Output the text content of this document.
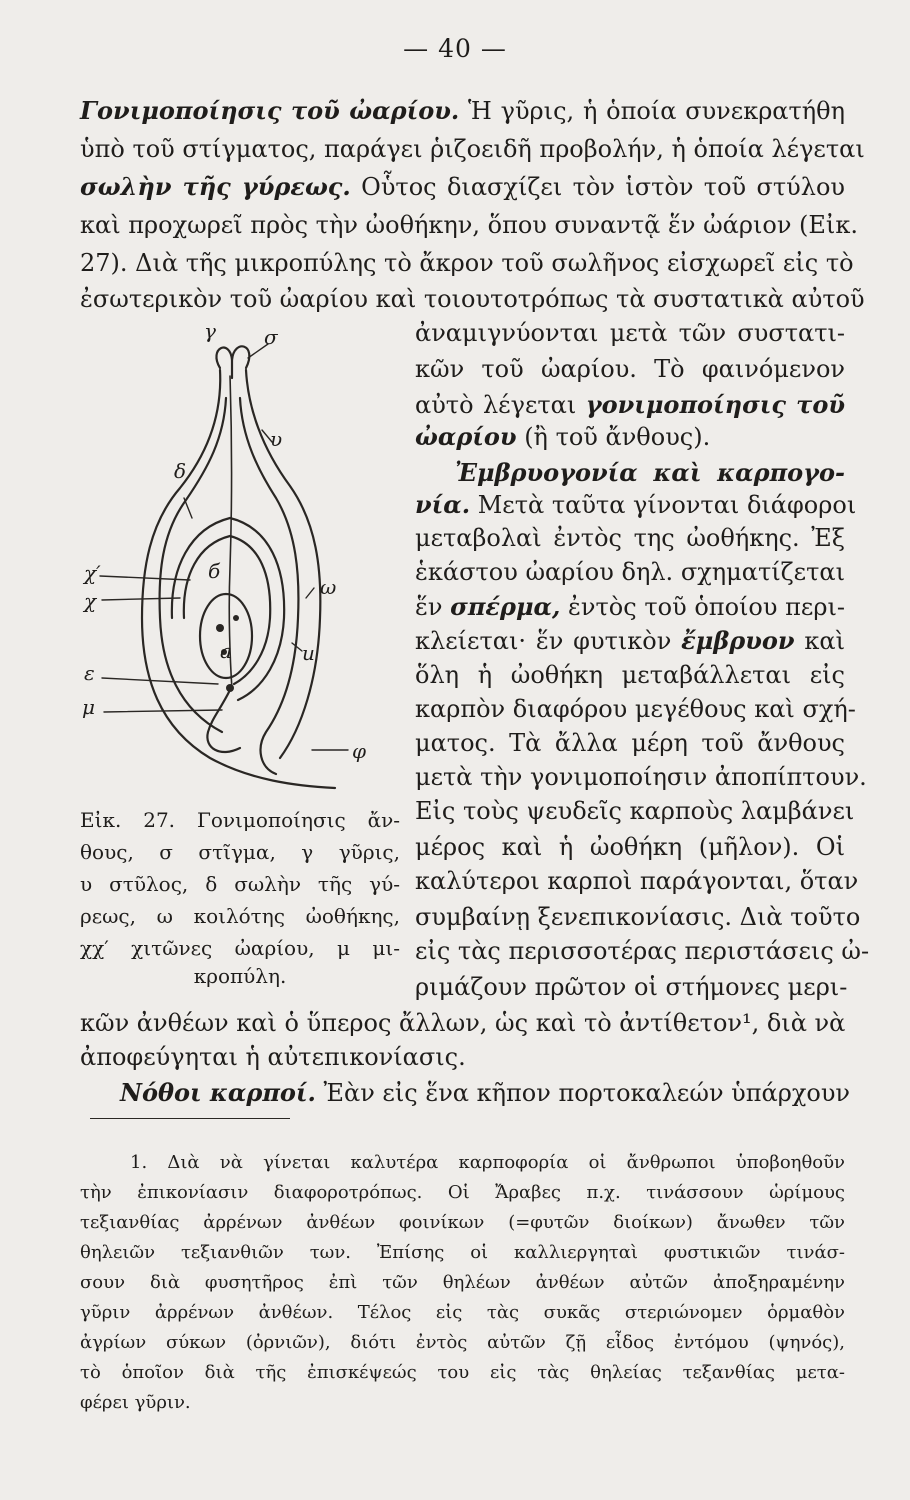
— 40 —
Γονιμοποίησις τοῦ ὠαρίου. Ἡ γῦρις, ἡ ὁποία συνεκρατήθη
ὑπὸ τοῦ στίγματος, παράγει ῥιζοειδῆ προβολήν, ἡ ὁποία λέγεται
σωλὴν τῆς γύρεως. Οὗτος διασχίζει τὸν ἱστὸν τοῦ στύλου
καὶ προχωρεῖ πρὸς τὴν ὠοθήκην, ὅπου συναντᾷ ἕν ὠάριον (Εἰκ.
27). Διὰ τῆς μικροπύλης τὸ ἄκρον τοῦ σωλῆνος εἰσχωρεῖ εἰς τὸ
ἐσωτερικὸν τοῦ ὠαρίου καὶ τοιουτοτρόπως τὰ συστατικὰ αὐτοῦ
γ σ
υ
δ
б
χ′
χ
ω
u
a
ε
μ
φ
ἀναμιγνύονται μετὰ τῶν συστατι-
κῶν τοῦ ὠαρίου. Τὸ φαινόμενον
αὐτὸ λέγεται γονιμοποίησις τοῦ
ὠαρίου (ἢ τοῦ ἄνθους).
Ἐμβρυογονία καὶ καρπογο-
νία. Μετὰ ταῦτα γίνονται διάφοροι
μεταβολαὶ ἐντὸς της ὠοθήκης. Ἐξ
ἑκάστου ὠαρίου δηλ. σχηματίζεται
ἕν σπέρμα, ἐντὸς τοῦ ὁποίου περι-
κλείεται· ἕν φυτικὸν ἔμβρυον καὶ
ὅλη ἡ ὠοθήκη μεταβάλλεται εἰς
καρπὸν διαφόρου μεγέθους καὶ σχή-
ματος. Τὰ ἄλλα μέρη τοῦ ἄνθους
μετὰ τὴν γονιμοποίησιν ἀποπίπτουν.
Εἰς τοὺς ψευδεῖς καρποὺς λαμβάνει
μέρος καὶ ἡ ὠοθήκη (μῆλον). Οἱ
καλύτεροι καρποὶ παράγονται, ὅταν
συμβαίνῃ ξενεπικονίασις. Διὰ τοῦτο
εἰς τὰς περισσοτέρας περιστάσεις ὠ-
ριμάζουν πρῶτον οἱ στήμονες μερι-
Εἰκ. 27. Γονιμοποίησις ἄν-
θους, σ στῖγμα, γ γῦρις,
υ στῦλος, δ σωλὴν τῆς γύ-
ρεως, ω κοιλότης ὠοθήκης,
χχ′ χιτῶνες ὠαρίου, μ μι-
κροπύλη.
κῶν ἀνθέων καὶ ὁ ὕπερος ἄλλων, ὡς καὶ τὸ ἀντίθετον¹, διὰ νὰ
ἀποφεύγηται ἡ αὐτεπικονίασις.
Νόθοι καρποί. Ἐὰν εἰς ἕνα κῆπον πορτοκαλεών ὑπάρχουν
1. Διὰ νὰ γίνεται καλυτέρα καρποφορία οἱ ἄνθρωποι ὑποβοηθοῦν
τὴν ἐπικονίασιν διαφοροτρόπως. Οἱ Ἄραβες π.χ. τινάσσουν ὡρίμους
τεξιανθίας ἀρρένων ἀνθέων φοινίκων (=φυτῶν διοίκων) ἄνωθεν τῶν
θηλειῶν τεξιανθιῶν των. Ἐπίσης οἱ καλλιεργηταὶ φυστικιῶν τινάσ-
σουν διὰ φυσητῆρος ἐπὶ τῶν θηλέων ἀνθέων αὐτῶν ἀποξηραμένην
γῦριν ἀρρένων ἀνθέων. Τέλος εἰς τὰς συκᾶς στεριώνομεν ὁρμαθὸν
ἀγρίων σύκων (ὀρνιῶν), διότι ἐντὸς αὐτῶν ζῇ εἶδος ἐντόμου (ψηνός),
τὸ ὁποῖον διὰ τῆς ἐπισκέψεώς του εἰς τὰς θηλείας τεξανθίας μετα-
φέρει γῦριν.
